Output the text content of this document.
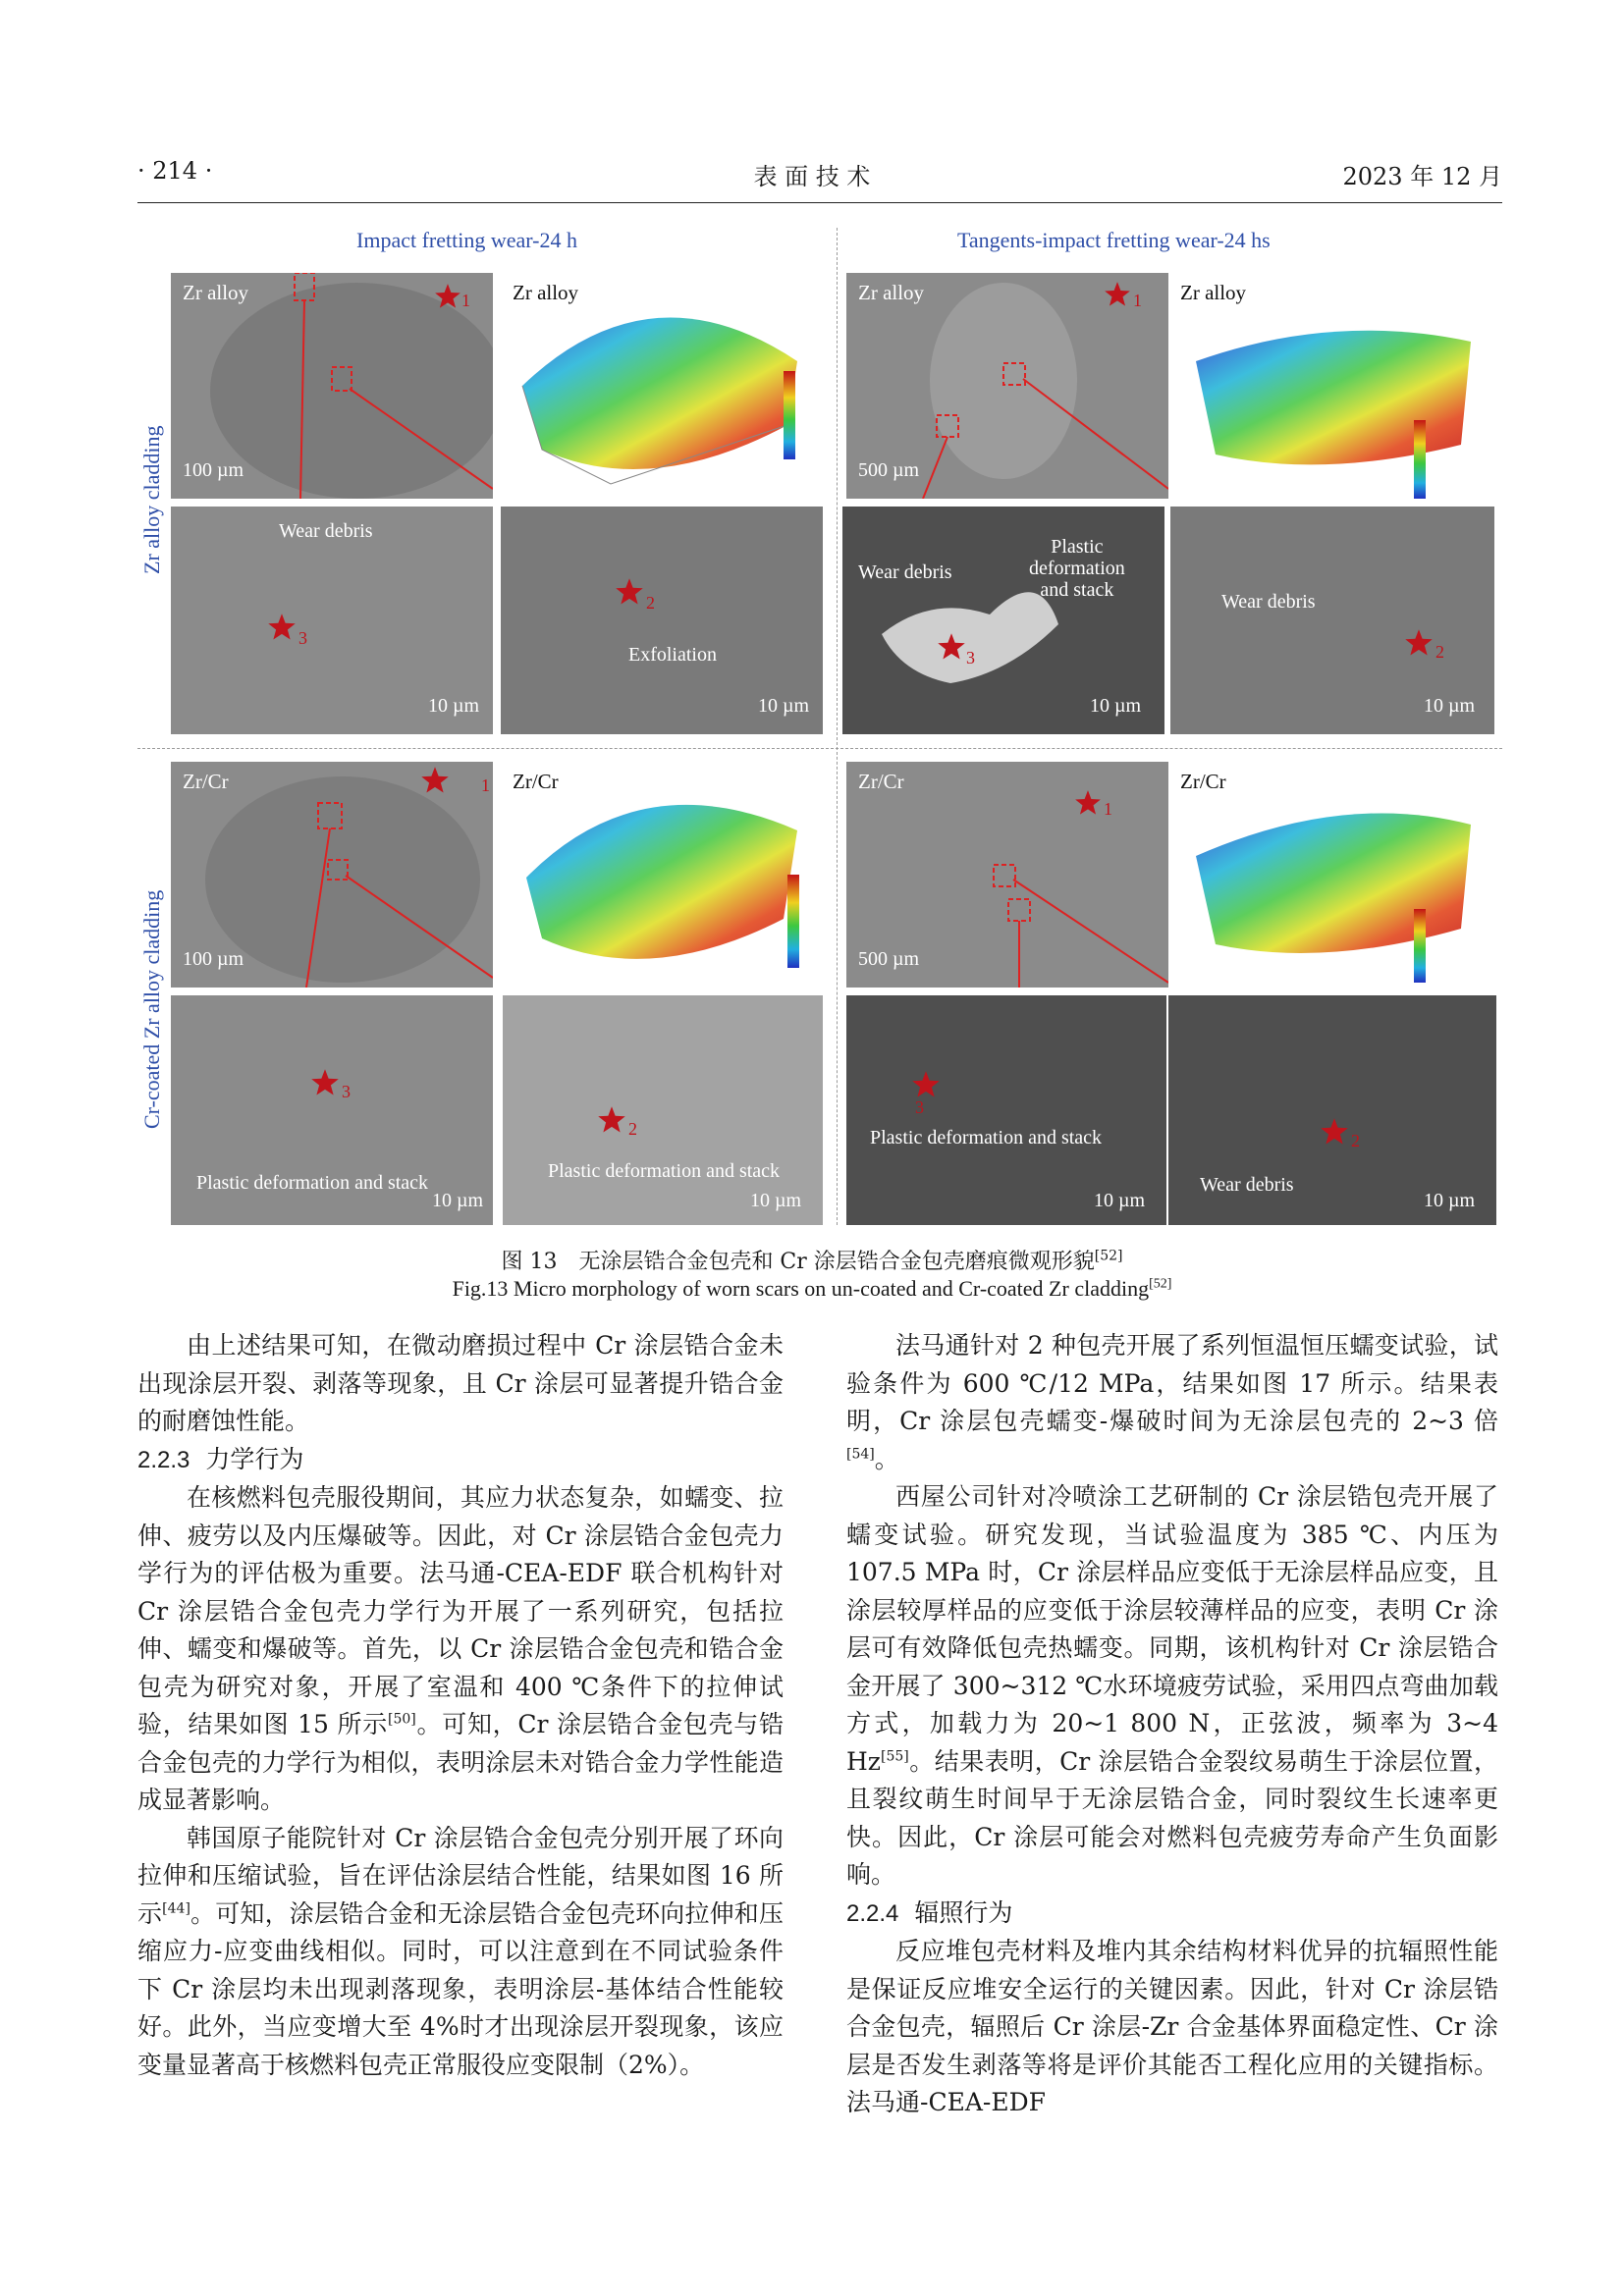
· 214 ·	表 面 技 术	2023 年 12 月
Impact fretting wear-24 h	Tangents-impact fretting wear-24 hs
Zr alloy cladding
Cr-coated Zr alloy cladding
Zr alloy	1
100 µm
Zr alloy	Zr alloy	1
500 µm
Zr alloy
Wear debris
3
10 µm
2
Exfoliation
10 µm
Wear debris
Plastic
deformation
and stack
3
10 µm
Wear debris
2
10 µm
Zr/Cr	1
100 µm
Zr/Cr	Zr/Cr
1
500 µm
Zr/Cr
3
Plastic deformation and stack
10 µm
2
Plastic deformation and stack
10 µm
3
Plastic deformation and stack
10 µm
2
Wear debris
10 µm
图 13　无涂层锆合金包壳和 Cr 涂层锆合金包壳磨痕微观形貌[52]
Fig.13 Micro morphology of worn scars on un-coated and Cr-coated Zr cladding[52]

由上述结果可知，在微动磨损过程中 Cr 涂层锆合金未出现涂层开裂、剥落等现象，且 Cr 涂层可显著提升锆合金的耐磨蚀性能。

2.2.3 力学行为

在核燃料包壳服役期间，其应力状态复杂，如蠕变、拉伸、疲劳以及内压爆破等。因此，对 Cr 涂层锆合金包壳力学行为的评估极为重要。法马通-CEA-EDF 联合机构针对 Cr 涂层锆合金包壳力学行为开展了一系列研究，包括拉伸、蠕变和爆破等。首先，以 Cr 涂层锆合金包壳和锆合金包壳为研究对象，开展了室温和 400 ℃条件下的拉伸试验，结果如图 15 所示[50]。可知，Cr 涂层锆合金包壳与锆合金包壳的力学行为相似，表明涂层未对锆合金力学性能造成显著影响。

韩国原子能院针对 Cr 涂层锆合金包壳分别开展了环向拉伸和压缩试验，旨在评估涂层结合性能，结果如图 16 所示[44]。可知，涂层锆合金和无涂层锆合金包壳环向拉伸和压缩应力-应变曲线相似。同时，可以注意到在不同试验条件下 Cr 涂层均未出现剥落现象，表明涂层-基体结合性能较好。此外，当应变增大至 4%时才出现涂层开裂现象，该应变量显著高于核燃料包壳正常服役应变限制（2%）。

法马通针对 2 种包壳开展了系列恒温恒压蠕变试验，试验条件为 600 ℃/12 MPa，结果如图 17 所示。结果表明，Cr 涂层包壳蠕变-爆破时间为无涂层包壳的 2~3 倍[54]。

西屋公司针对冷喷涂工艺研制的 Cr 涂层锆包壳开展了蠕变试验。研究发现，当试验温度为 385 ℃、内压为 107.5 MPa 时，Cr 涂层样品应变低于无涂层样品应变，且涂层较厚样品的应变低于涂层较薄样品的应变，表明 Cr 涂层可有效降低包壳热蠕变。同期，该机构针对 Cr 涂层锆合金开展了 300~312 ℃水环境疲劳试验，采用四点弯曲加载方式，加载力为 20~1 800 N，正弦波，频率为 3~4 Hz[55]。结果表明，Cr 涂层锆合金裂纹易萌生于涂层位置，且裂纹萌生时间早于无涂层锆合金，同时裂纹生长速率更快。因此，Cr 涂层可能会对燃料包壳疲劳寿命产生负面影响。

2.2.4 辐照行为

反应堆包壳材料及堆内其余结构材料优异的抗辐照性能是保证反应堆安全运行的关键因素。因此，针对 Cr 涂层锆合金包壳，辐照后 Cr 涂层-Zr 合金基体界面稳定性、Cr 涂层是否发生剥落等将是评价其能否工程化应用的关键指标。法马通-CEA-EDF
